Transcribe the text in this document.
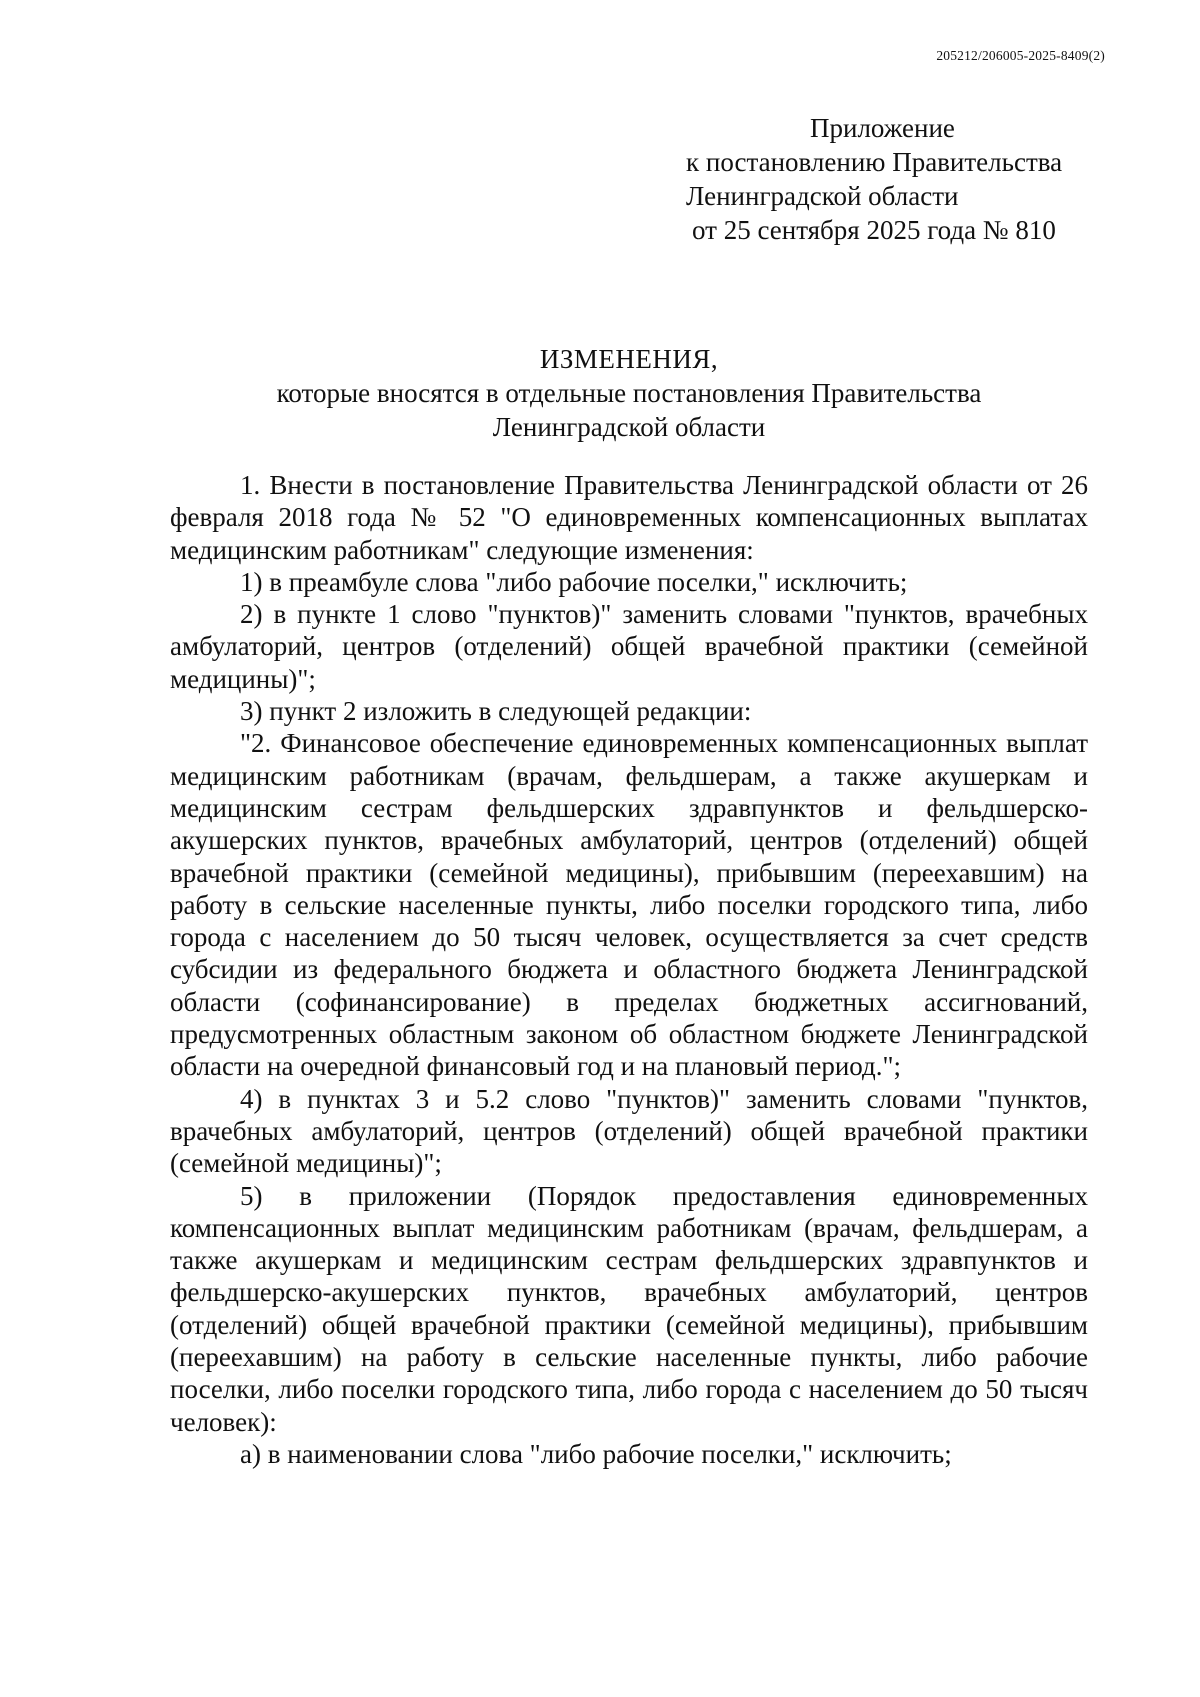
205212/206005-2025-8409(2)
Приложение
к постановлению Правительства
Ленинградской области
от 25 сентября 2025 года № 810
ИЗМЕНЕНИЯ,
которые вносятся в отдельные постановления Правительства
Ленинградской области

1. Внести в постановление Правительства Ленинградской области от 26 февраля 2018 года № 52 "О единовременных компенсационных выплатах медицинским работникам" следующие изменения:

1) в преамбуле слова "либо рабочие поселки," исключить;

2) в пункте 1 слово "пунктов)" заменить словами "пунктов, врачебных амбулаторий, центров (отделений) общей врачебной практики (семейной медицины)";

3) пункт 2 изложить в следующей редакции:

"2. Финансовое обеспечение единовременных компенсационных выплат медицинским работникам (врачам, фельдшерам, а также акушеркам и медицинским сестрам фельдшерских здравпунктов и фельдшерско-акушерских пунктов, врачебных амбулаторий, центров (отделений) общей врачебной практики (семейной медицины), прибывшим (переехавшим) на работу в сельские населенные пункты, либо поселки городского типа, либо города с населением до 50 тысяч человек, осуществляется за счет средств субсидии из федерального бюджета и областного бюджета Ленинградской области (софинансирование) в пределах бюджетных ассигнований, предусмотренных областным законом об областном бюджете Ленинградской области на очередной финансовый год и на плановый период.";

4) в пунктах 3 и 5.2 слово "пунктов)" заменить словами "пунктов, врачебных амбулаторий, центров (отделений) общей врачебной практики (семейной медицины)";

5) в приложении (Порядок предоставления единовременных компенсационных выплат медицинским работникам (врачам, фельдшерам, а также акушеркам и медицинским сестрам фельдшерских здравпунктов и фельдшерско-акушерских пунктов, врачебных амбулаторий, центров (отделений) общей врачебной практики (семейной медицины), прибывшим (переехавшим) на работу в сельские населенные пункты, либо рабочие поселки, либо поселки городского типа, либо города с населением до 50 тысяч человек):

а) в наименовании слова "либо рабочие поселки," исключить;
